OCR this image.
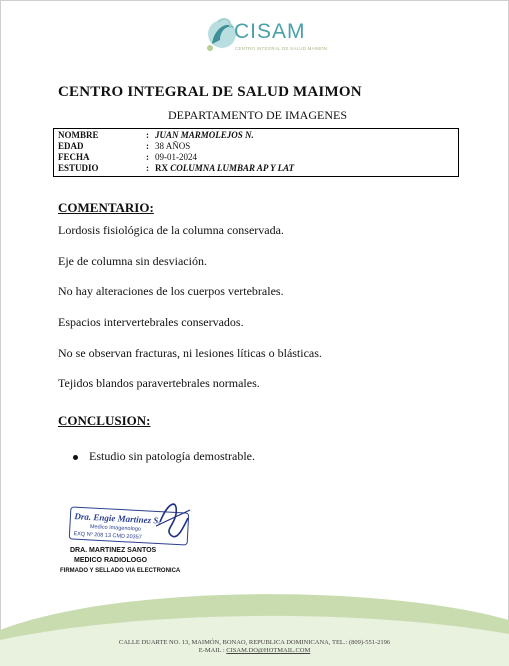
CISAM
CENTRO INTEGRAL DE SALUD MAIMON
CENTRO INTEGRAL DE SALUD MAIMON
DEPARTAMENTO DE IMAGENES
NOMBRE	: JUAN MARMOLEJOS N.
EDAD	: 38 AÑOS
FECHA	: 09-01-2024
ESTUDIO	: RX COLUMNA LUMBAR AP Y LAT
COMENTARIO:
Lordosis fisiológica de la columna conservada.
Eje de columna sin desviación.
No hay alteraciones de los cuerpos vertebrales.
Espacios intervertebrales conservados.
No se observan fracturas, ni lesiones líticas o blásticas.
Tejidos blandos paravertebrales normales.
CONCLUSION:
Estudio sin patología demostrable.
Dra. Engie Martinez S.
Medico Imagenologo
EXQ Nº 208 13 CMD 20357
DRA. MARTINEZ SANTOS
MEDICO RADIOLOGO
FIRMADO Y SELLADO VIA ELECTRONICA
CALLE DUARTE NO. 13, MAIMÓN, BONAO, REPUBLICA DOMINICANA, TEL.: (809)-551-2196
E-MAIL : CISAM.DO@HOTMAIL.COM
